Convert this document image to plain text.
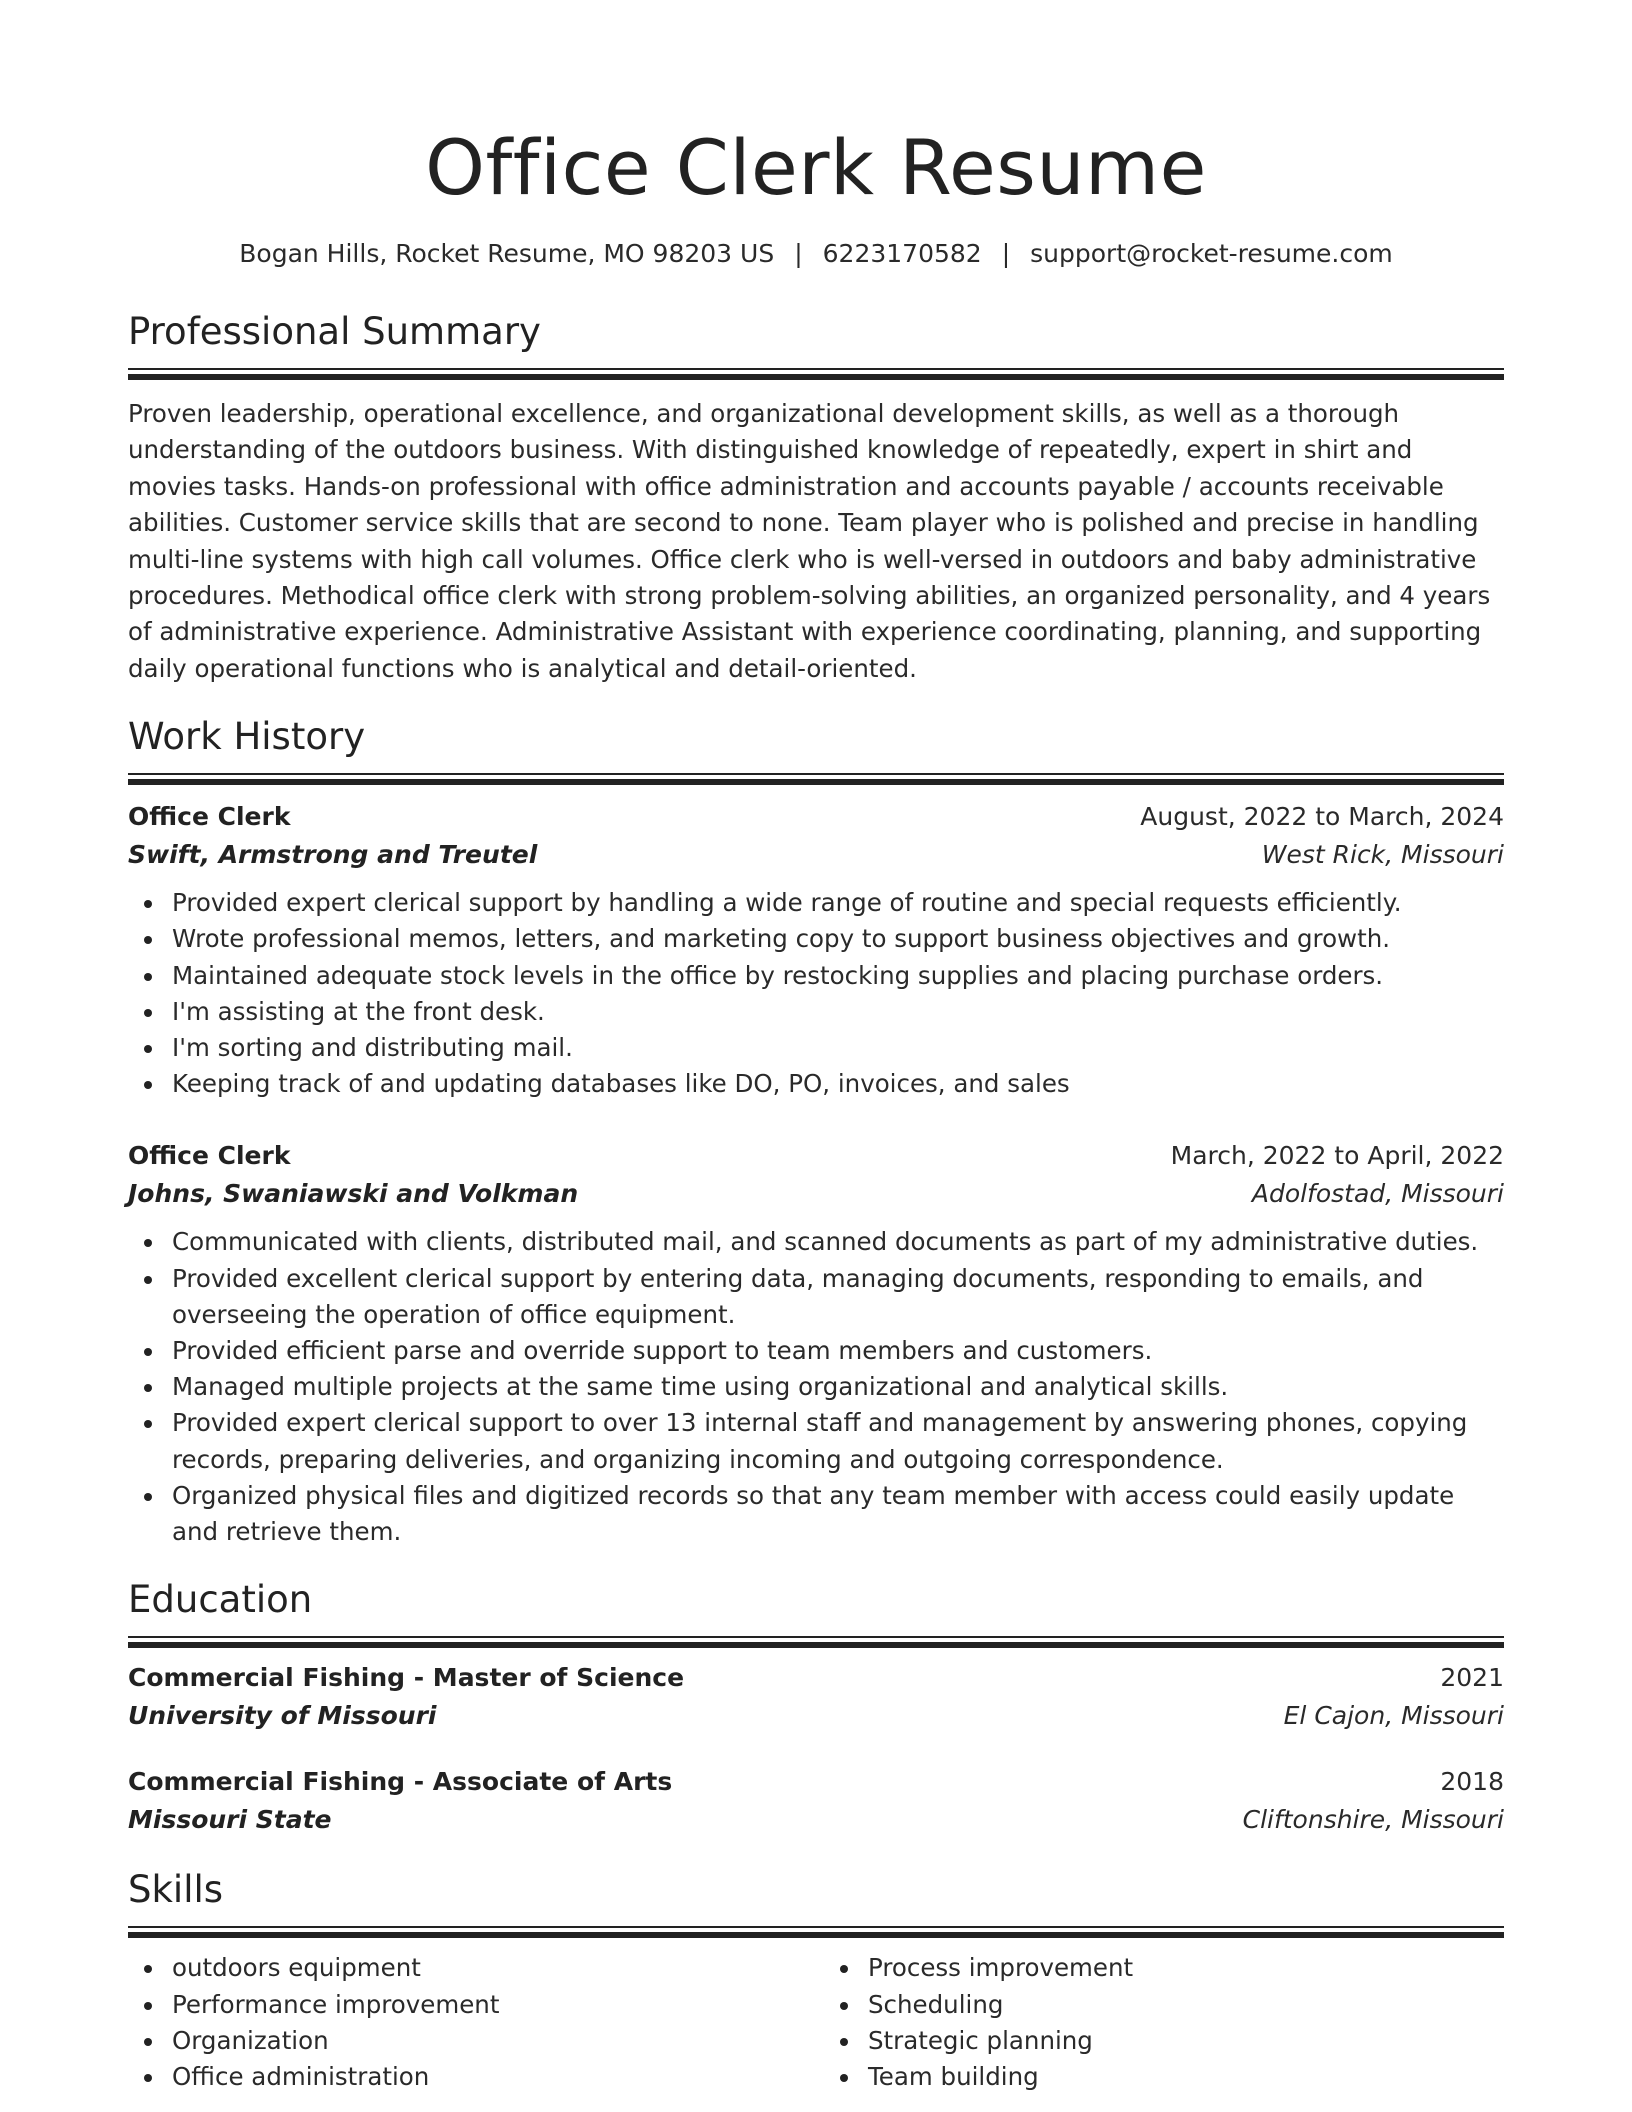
Office Clerk Resume
Bogan Hills, Rocket Resume, MO 98203 US | 6223170582 | support@rocket-resume.com
Professional Summary

Proven leadership, operational excellence, and organizational development skills, as well as a thorough understanding of the outdoors business. With distinguished knowledge of repeatedly, expert in shirt and movies tasks. Hands-on professional with office administration and accounts payable / accounts receivable abilities. Customer service skills that are second to none. Team player who is polished and precise in handling multi-line systems with high call volumes. Office clerk who is well-versed in outdoors and baby administrative procedures. Methodical office clerk with strong problem-solving abilities, an organized personality, and 4 years of administrative experience. Administrative Assistant with experience coordinating, planning, and supporting daily operational functions who is analytical and detail-oriented.

Work History
Office Clerk	August, 2022 to March, 2024
Swift, Armstrong and Treutel	West Rick, Missouri
Provided expert clerical support by handling a wide range of routine and special requests efficiently.
Wrote professional memos, letters, and marketing copy to support business objectives and growth.
Maintained adequate stock levels in the office by restocking supplies and placing purchase orders.
I'm assisting at the front desk.
I'm sorting and distributing mail.
Keeping track of and updating databases like DO, PO, invoices, and sales
Office Clerk	March, 2022 to April, 2022
Johns, Swaniawski and Volkman	Adolfostad, Missouri
Communicated with clients, distributed mail, and scanned documents as part of my administrative duties.
Provided excellent clerical support by entering data, managing documents, responding to emails, and overseeing the operation of office equipment.
Provided efficient parse and override support to team members and customers.
Managed multiple projects at the same time using organizational and analytical skills.
Provided expert clerical support to over 13 internal staff and management by answering phones, copying records, preparing deliveries, and organizing incoming and outgoing correspondence.
Organized physical files and digitized records so that any team member with access could easily update and retrieve them.
Education
Commercial Fishing - Master of Science	2021
University of Missouri	El Cajon, Missouri
Commercial Fishing - Associate of Arts	2018
Missouri State	Cliftonshire, Missouri
Skills
outdoors equipment
Performance improvement
Organization
Office administration
Process improvement
Scheduling
Strategic planning
Team building
